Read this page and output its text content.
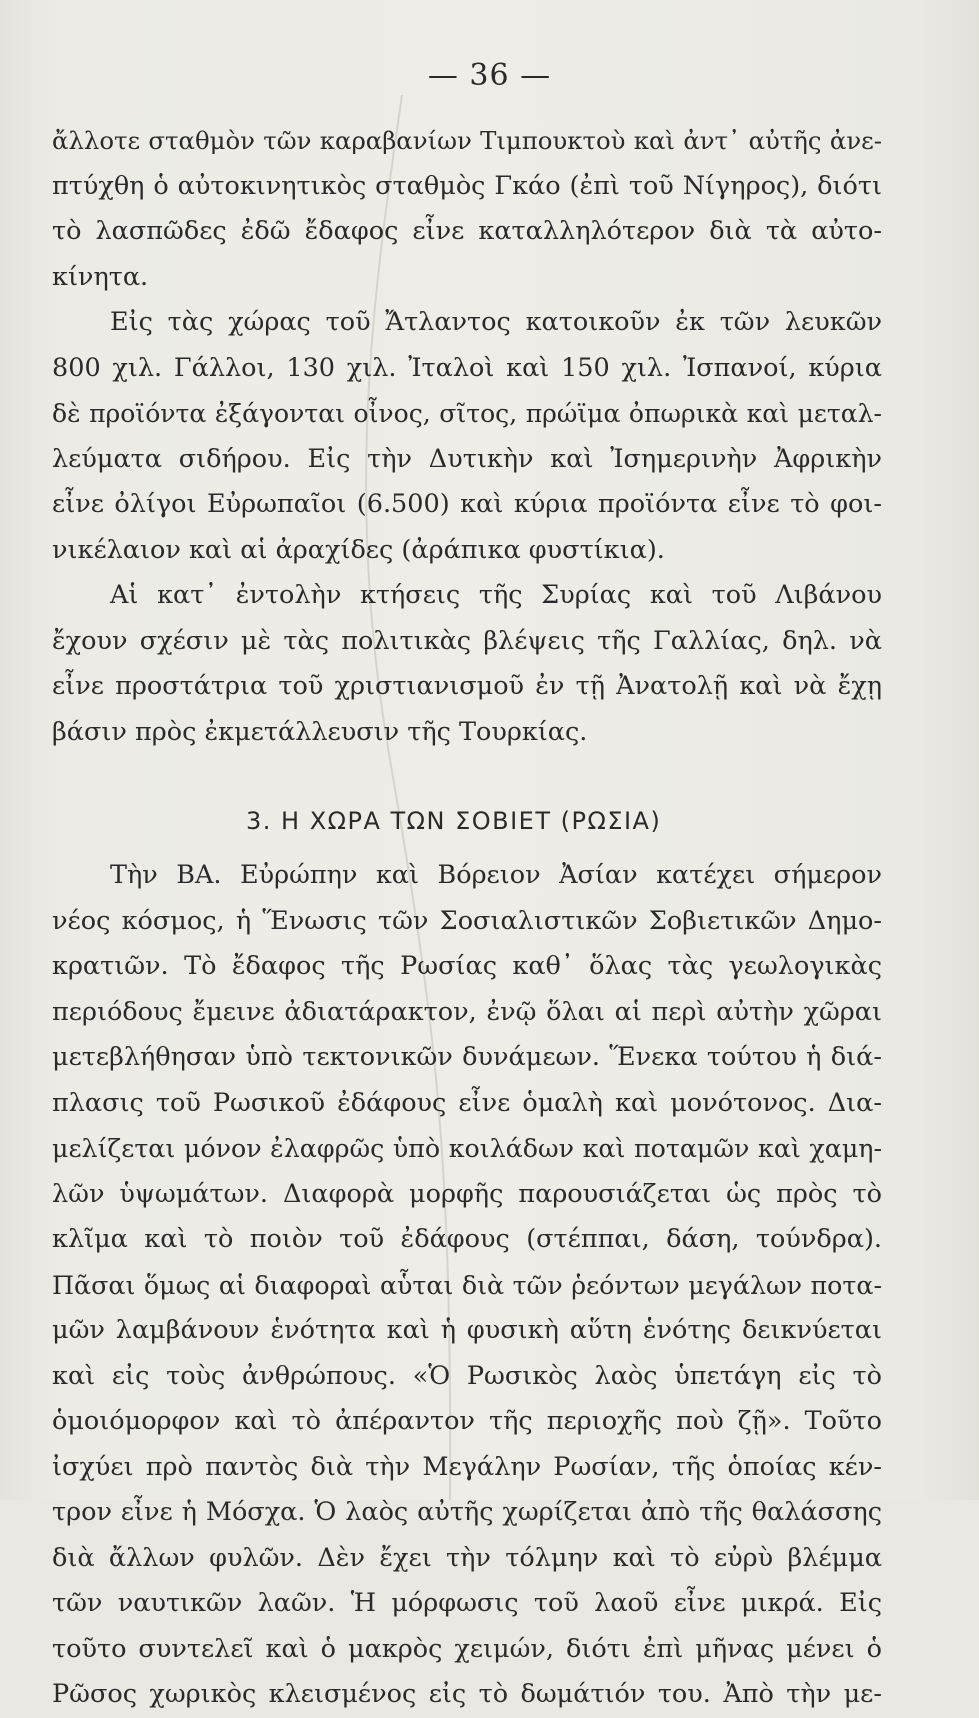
— 36 —
ἄλλοτε σταθμὸν τῶν καραβανίων Τιμπουκτοὺ καὶ ἀντ᾿ αὐτῆς ἀνε-
πτύχθη ὁ αὐτοκινητικὸς σταθμὸς Γκάο (ἐπὶ τοῦ Νίγηρος), διότι
τὸ λασπῶδες ἐδῶ ἔδαφος εἶνε καταλληλότερον διὰ τὰ αὐτο-
κίνητα.
Εἰς τὰς χώρας τοῦ Ἄτλαντος κατοικοῦν ἐκ τῶν λευκῶν
800 χιλ. Γάλλοι, 130 χιλ. Ἰταλοὶ καὶ 150 χιλ. Ἰσπανοί, κύρια
δὲ προϊόντα ἐξάγονται οἶνος, σῖτος, πρώϊμα ὀπωρικὰ καὶ μεταλ-
λεύματα σιδήρου. Εἰς τὴν Δυτικὴν καὶ Ἰσημερινὴν Ἀφρικὴν
εἶνε ὀλίγοι Εὐρωπαῖοι (6.500) καὶ κύρια προϊόντα εἶνε τὸ φοι-
νικέλαιον καὶ αἱ ἀραχίδες (ἀράπικα φυστίκια).
Αἱ κατ᾿ ἐντολὴν κτήσεις τῆς Συρίας καὶ τοῦ Λιβάνου
ἔχουν σχέσιν μὲ τὰς πολιτικὰς βλέψεις τῆς Γαλλίας, δηλ. νὰ
εἶνε προστάτρια τοῦ χριστιανισμοῦ ἐν τῇ Ἀνατολῇ καὶ νὰ ἔχῃ
βάσιν πρὸς ἐκμετάλλευσιν τῆς Τουρκίας.
3. Η ΧΩΡΑ ΤΩΝ ΣΟΒΙΕΤ (ΡΩΣΙΑ)
Τὴν ΒΑ. Εὐρώπην καὶ Βόρειον Ἀσίαν κατέχει σήμερον
νέος κόσμος, ἡ Ἕνωσις τῶν Σοσιαλιστικῶν Σοβιετικῶν Δημο-
κρατιῶν. Τὸ ἔδαφος τῆς Ρωσίας καθ᾿ ὅλας τὰς γεωλογικὰς
περιόδους ἔμεινε ἀδιατάρακτον, ἐνῷ ὅλαι αἱ περὶ αὐτὴν χῶραι
μετεβλήθησαν ὑπὸ τεκτονικῶν δυνάμεων. Ἕνεκα τούτου ἡ διά-
πλασις τοῦ Ρωσικοῦ ἐδάφους εἶνε ὁμαλὴ καὶ μονότονος. Δια-
μελίζεται μόνον ἐλαφρῶς ὑπὸ κοιλάδων καὶ ποταμῶν καὶ χαμη-
λῶν ὑψωμάτων. Διαφορὰ μορφῆς παρουσιάζεται ὡς πρὸς τὸ
κλῖμα καὶ τὸ ποιὸν τοῦ ἐδάφους (στέππαι, δάση, τούνδρα).
Πᾶσαι ὅμως αἱ διαφοραὶ αὗται διὰ τῶν ῥεόντων μεγάλων ποτα-
μῶν λαμβάνουν ἑνότητα καὶ ἡ φυσικὴ αὕτη ἑνότης δεικνύεται
καὶ εἰς τοὺς ἀνθρώπους. «Ὁ Ρωσικὸς λαὸς ὑπετάγη εἰς τὸ
ὁμοιόμορφον καὶ τὸ ἀπέραντον τῆς περιοχῆς ποὺ ζῇ». Τοῦτο
ἰσχύει πρὸ παντὸς διὰ τὴν Μεγάλην Ρωσίαν, τῆς ὁποίας κέν-
τρον εἶνε ἡ Μόσχα. Ὁ λαὸς αὐτῆς χωρίζεται ἀπὸ τῆς θαλάσσης
διὰ ἄλλων φυλῶν. Δὲν ἔχει τὴν τόλμην καὶ τὸ εὐρὺ βλέμμα
τῶν ναυτικῶν λαῶν. Ἡ μόρφωσις τοῦ λαοῦ εἶνε μικρά. Εἰς
τοῦτο συντελεῖ καὶ ὁ μακρὸς χειμών, διότι ἐπὶ μῆνας μένει ὁ
Ρῶσος χωρικὸς κλεισμένος εἰς τὸ δωμάτιόν του. Ἀπὸ τὴν με-
